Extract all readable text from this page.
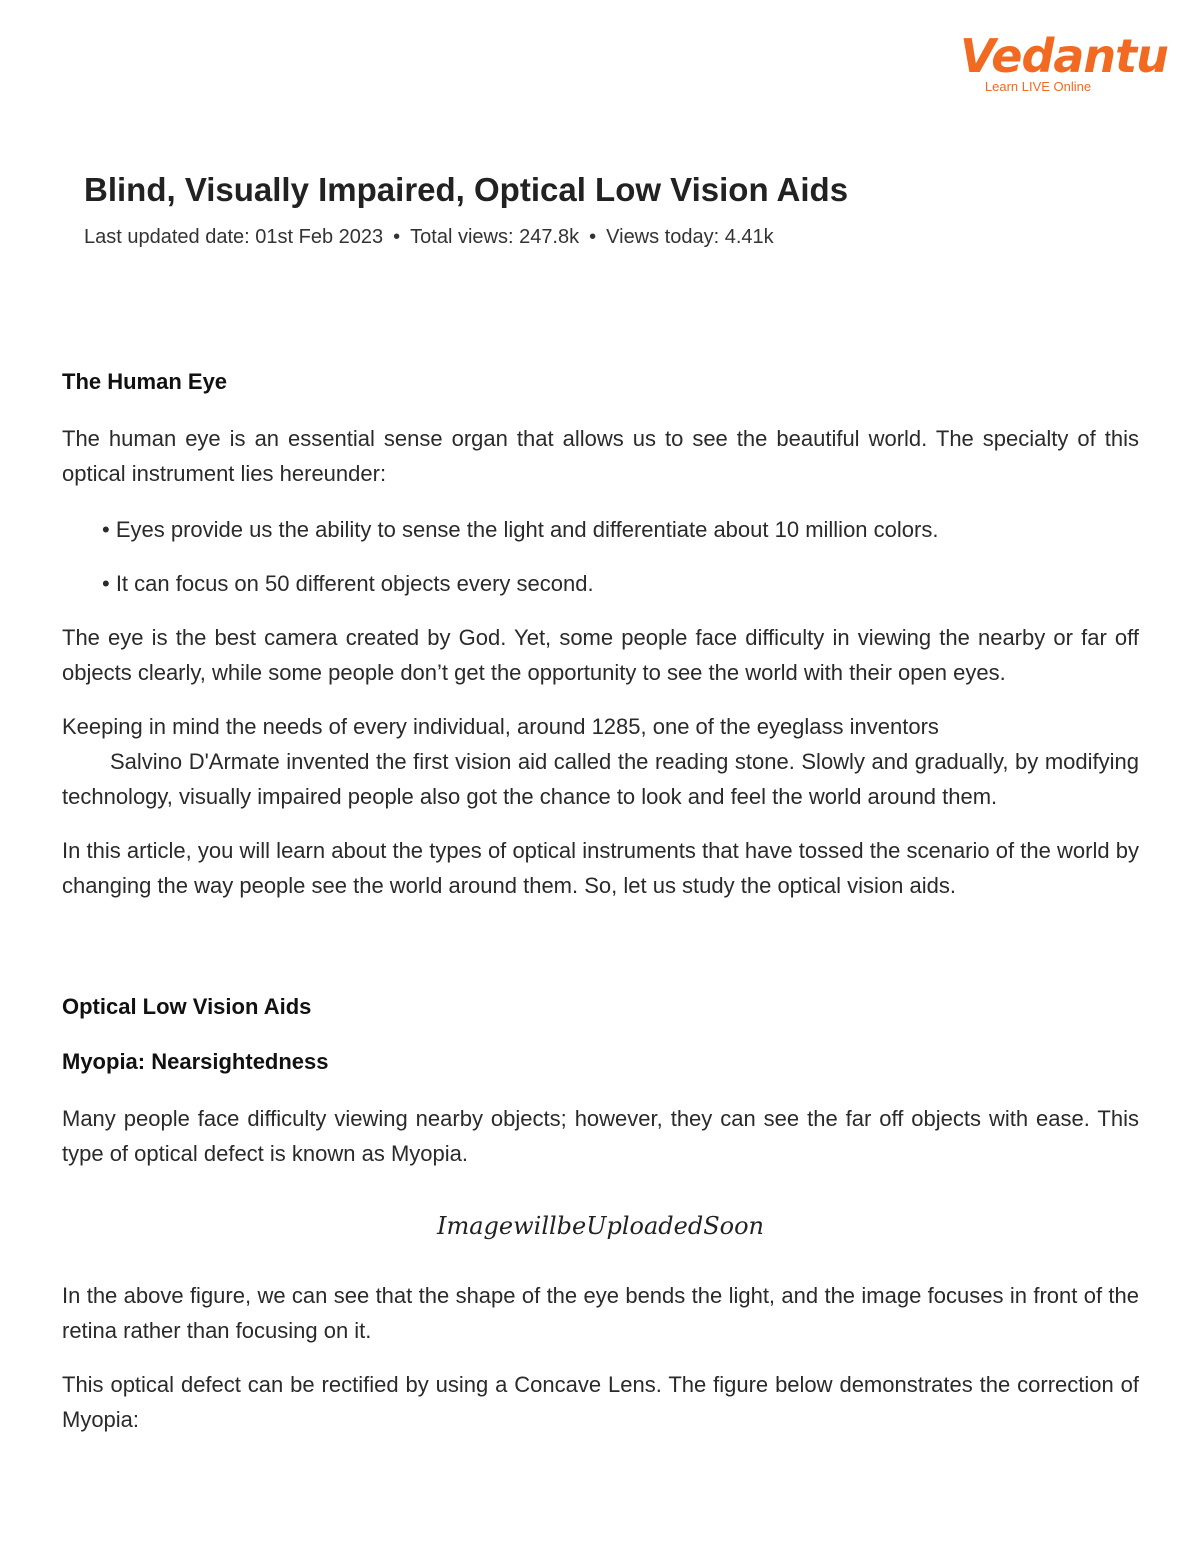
Vedantu
Learn LIVE Online
Blind, Visually Impaired, Optical Low Vision Aids
Last updated date: 01st Feb 2023 • Total views: 247.8k • Views today: 4.41k
The Human Eye

The human eye is an essential sense organ that allows us to see the beautiful world. The specialty of this optical instrument lies hereunder:

• Eyes provide us the ability to sense the light and differentiate about 10 million colors.
• It can focus on 50 different objects every second.

The eye is the best camera created by God. Yet, some people face difficulty in viewing the nearby or far off objects clearly, while some people don’t get the opportunity to see the world with their open eyes.

Keeping in mind the needs of every individual, around 1285, one of the eyeglass inventors
Salvino D'Armate invented the first vision aid called the reading stone. Slowly and gradually, by modifying technology, visually impaired people also got the chance to look and feel the world around them.

In this article, you will learn about the types of optical instruments that have tossed the scenario of the world by changing the way people see the world around them. So, let us study the optical vision aids.

Optical Low Vision Aids
Myopia: Nearsightedness

Many people face difficulty viewing nearby objects; however, they can see the far off objects with ease. This type of optical defect is known as Myopia.

ImagewillbeUploadedSoon

In the above figure, we can see that the shape of the eye bends the light, and the image focuses in front of the retina rather than focusing on it.

This optical defect can be rectified by using a Concave Lens. The figure below demonstrates the correction of Myopia:
